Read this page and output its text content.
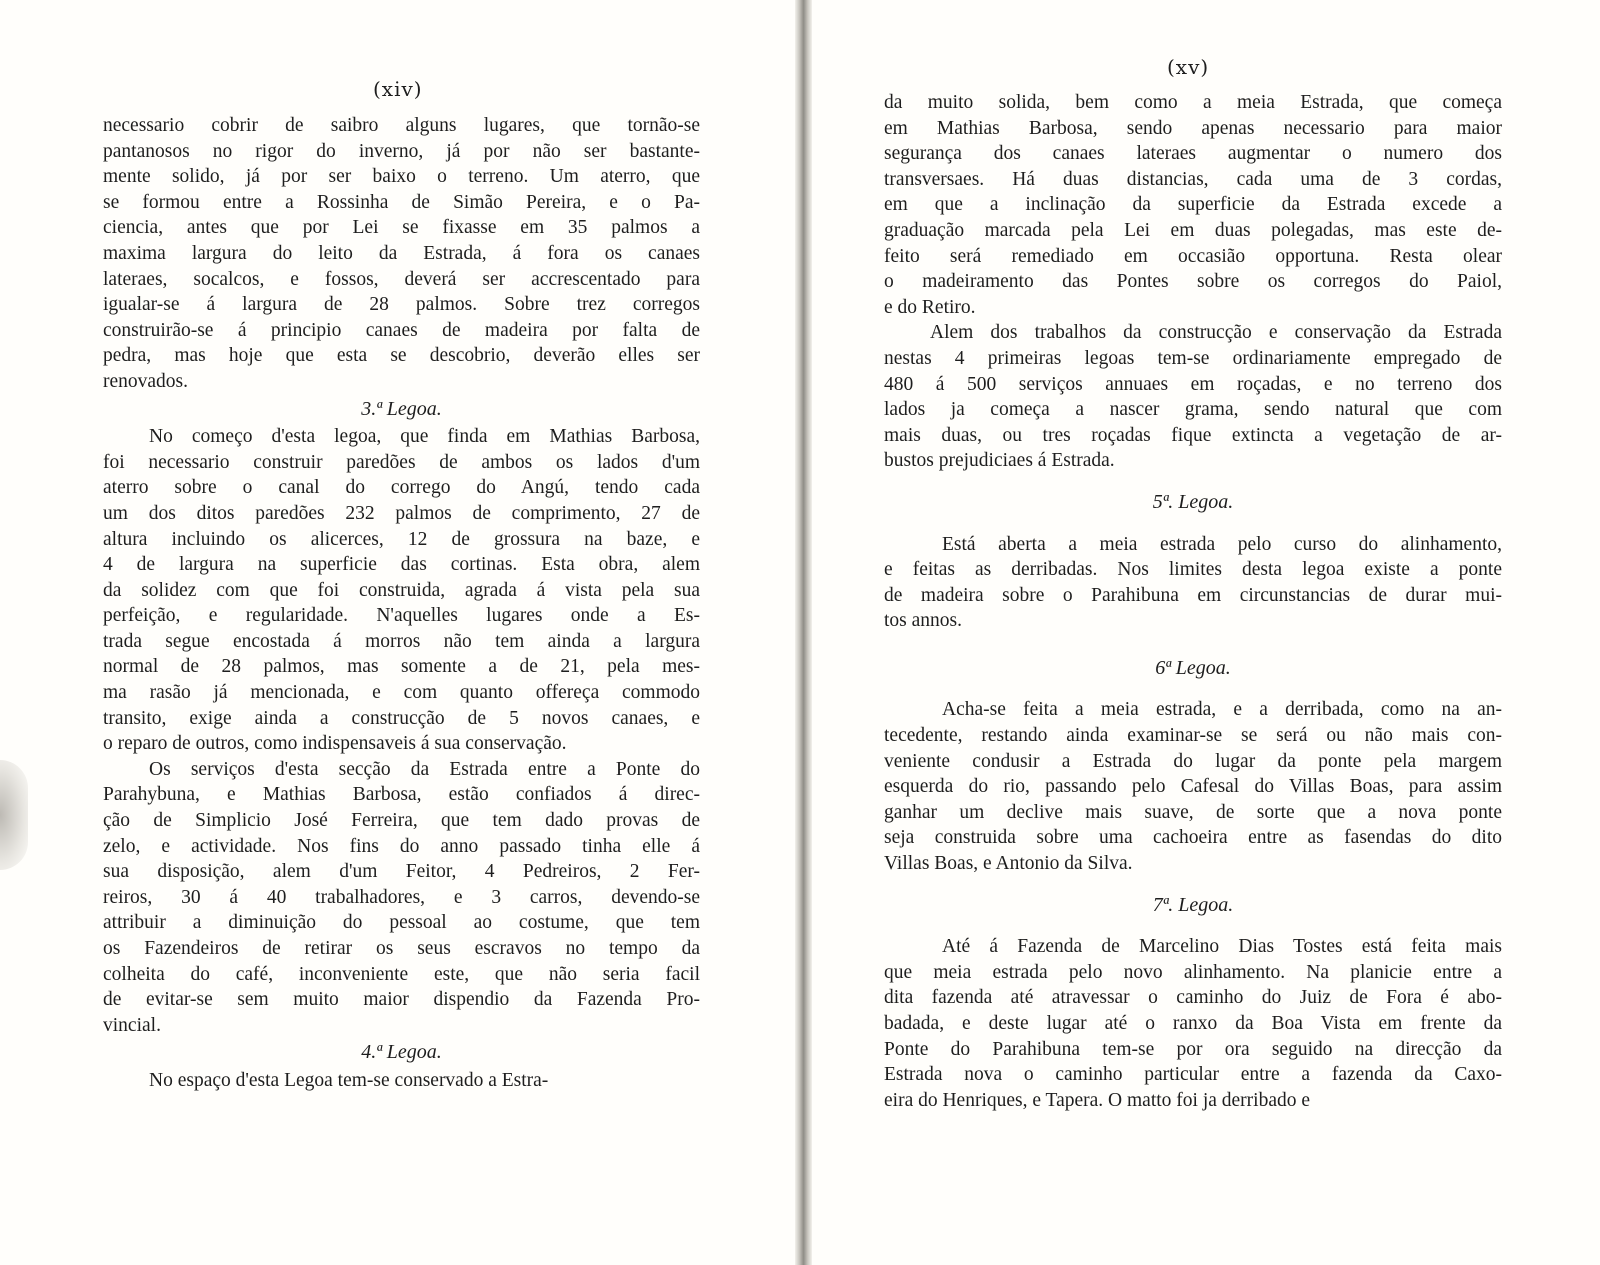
(xiv)
necessario cobrir de saibro alguns lugares, que tornão-se
pantanosos no rigor do inverno, já por não ser bastante-
mente solido, já por ser baixo o terreno. Um aterro, que
se formou entre a Rossinha de Simão Pereira, e o Pa-
ciencia, antes que por Lei se fixasse em 35 palmos a
maxima largura do leito da Estrada, á fora os canaes
lateraes, socalcos, e fossos, deverá ser accrescentado para
igualar-se á largura de 28 palmos. Sobre trez corregos
construirão-se á principio canaes de madeira por falta de
pedra, mas hoje que esta se descobrio, deverão elles ser
renovados.
3.ª Legoa.
No começo d'esta legoa, que finda em Mathias Barbosa,
foi necessario construir paredões de ambos os lados d'um
aterro sobre o canal do corrego do Angú, tendo cada
um dos ditos paredões 232 palmos de comprimento, 27 de
altura incluindo os alicerces, 12 de grossura na baze, e
4 de largura na superficie das cortinas. Esta obra, alem
da solidez com que foi construida, agrada á vista pela sua
perfeição, e regularidade. N'aquelles lugares onde a Es-
trada segue encostada á morros não tem ainda a largura
normal de 28 palmos, mas somente a de 21, pela mes-
ma rasão já mencionada, e com quanto offereça commodo
transito, exige ainda a construcção de 5 novos canaes, e
o reparo de outros, como indispensaveis á sua conservação.
Os serviços d'esta secção da Estrada entre a Ponte do
Parahybuna, e Mathias Barbosa, estão confiados á direc-
ção de Simplicio José Ferreira, que tem dado provas de
zelo, e actividade. Nos fins do anno passado tinha elle á
sua disposição, alem d'um Feitor, 4 Pedreiros, 2 Fer-
reiros, 30 á 40 trabalhadores, e 3 carros, devendo-se
attribuir a diminuição do pessoal ao costume, que tem
os Fazendeiros de retirar os seus escravos no tempo da
colheita do café, inconveniente este, que não seria facil
de evitar-se sem muito maior dispendio da Fazenda Pro-
vincial.
4.ª Legoa.
No espaço d'esta Legoa tem-se conservado a Estra-
(xv)
da muito solida, bem como a meia Estrada, que começa
em Mathias Barbosa, sendo apenas necessario para maior
segurança dos canaes lateraes augmentar o numero dos
transversaes. Há duas distancias, cada uma de 3 cordas,
em que a inclinação da superficie da Estrada excede a
graduação marcada pela Lei em duas polegadas, mas este de-
feito será remediado em occasião opportuna. Resta olear
o madeiramento das Pontes sobre os corregos do Paiol,
e do Retiro.
Alem dos trabalhos da construcção e conservação da Estrada
nestas 4 primeiras legoas tem-se ordinariamente empregado de
480 á 500 serviços annuaes em roçadas, e no terreno dos
lados ja começa a nascer grama, sendo natural que com
mais duas, ou tres roçadas fique extincta a vegetação de ar-
bustos prejudiciaes á Estrada.
5ª. Legoa.
Está aberta a meia estrada pelo curso do alinhamento,
e feitas as derribadas. Nos limites desta legoa existe a ponte
de madeira sobre o Parahibuna em circunstancias de durar mui-
tos annos.
6ª Legoa.
Acha-se feita a meia estrada, e a derribada, como na an-
tecedente, restando ainda examinar-se se será ou não mais con-
veniente condusir a Estrada do lugar da ponte pela margem
esquerda do rio, passando pelo Cafesal do Villas Boas, para assim
ganhar um declive mais suave, de sorte que a nova ponte
seja construida sobre uma cachoeira entre as fasendas do dito
Villas Boas, e Antonio da Silva.
7ª. Legoa.
Até á Fazenda de Marcelino Dias Tostes está feita mais
que meia estrada pelo novo alinhamento. Na planicie entre a
dita fazenda até atravessar o caminho do Juiz de Fora é abo-
badada, e deste lugar até o ranxo da Boa Vista em frente da
Ponte do Parahibuna tem-se por ora seguido na direcção da
Estrada nova o caminho particular entre a fazenda da Caxo-
eira do Henriques, e Tapera. O matto foi ja derribado e
